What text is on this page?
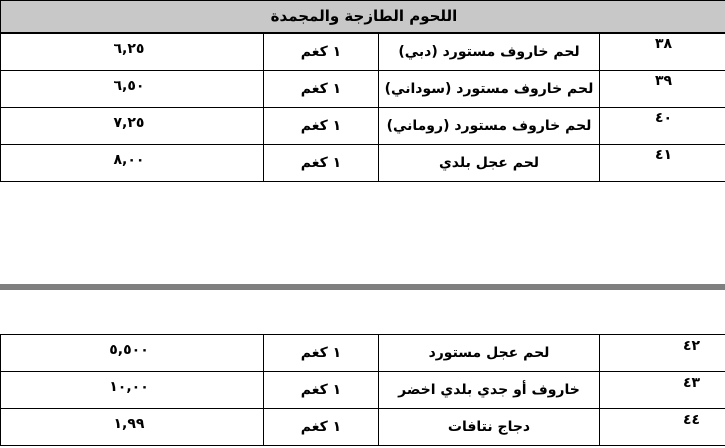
اللحوم الطازجة والمجمدة			
٦,٢٥	١ كغم	لحم خاروف مستورد (دبي)	٣٨
٦,٥٠	١ كغم	لحم خاروف مستورد (سوداني)	٣٩
٧,٢٥	١ كغم	لحم خاروف مستورد (روماني)	٤٠
٨,٠٠	١ كغم	لحم عجل بلدي	٤١
٥,٥٠٠	١ كغم	لحم عجل مستورد	٤٢
١٠,٠٠	١ كغم	خاروف أو جدي بلدي اخضر	٤٣
١,٩٩	١ كغم	دجاج نتافات	٤٤
